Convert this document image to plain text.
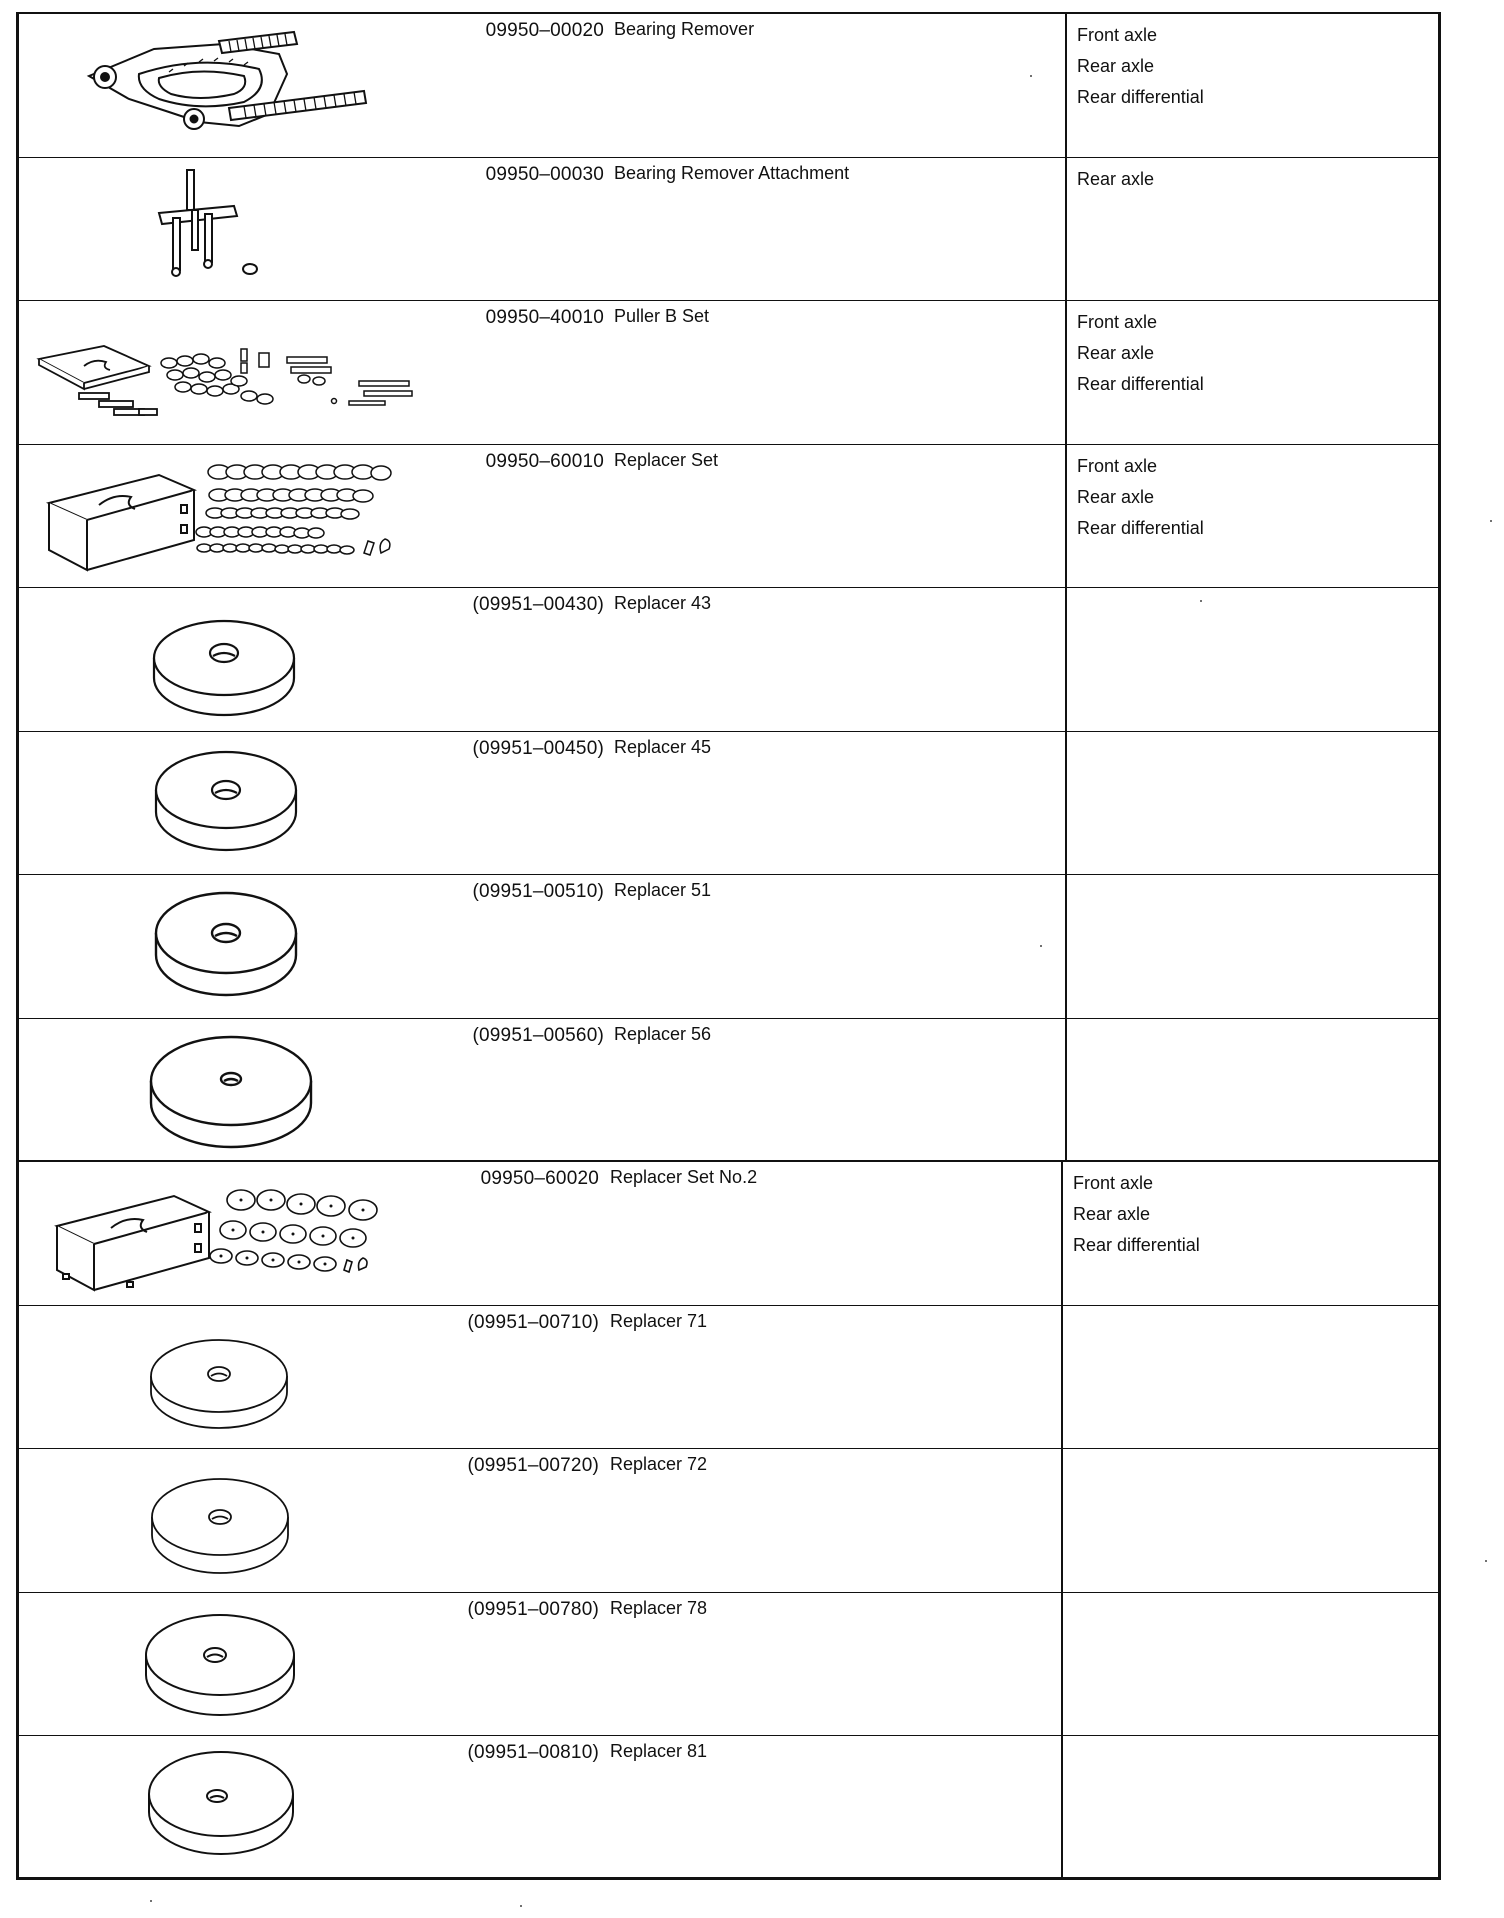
09950–00020 Bearing Remover	Front axle
Rear axle
Rear differential
09950–00030 Bearing Remover Attachment	Rear axle
09950–40010 Puller B Set	Front axle
Rear axle
Rear differential
09950–60010 Replacer Set	Front axle
Rear axle
Rear differential
(09951–00430) Replacer 43
(09951–00450) Replacer 45
(09951–00510) Replacer 51
(09951–00560) Replacer 56
09950–60020 Replacer Set No.2	Front axle
Rear axle
Rear differential
(09951–00710) Replacer 71
(09951–00720) Replacer 72
(09951–00780) Replacer 78
(09951–00810) Replacer 81
